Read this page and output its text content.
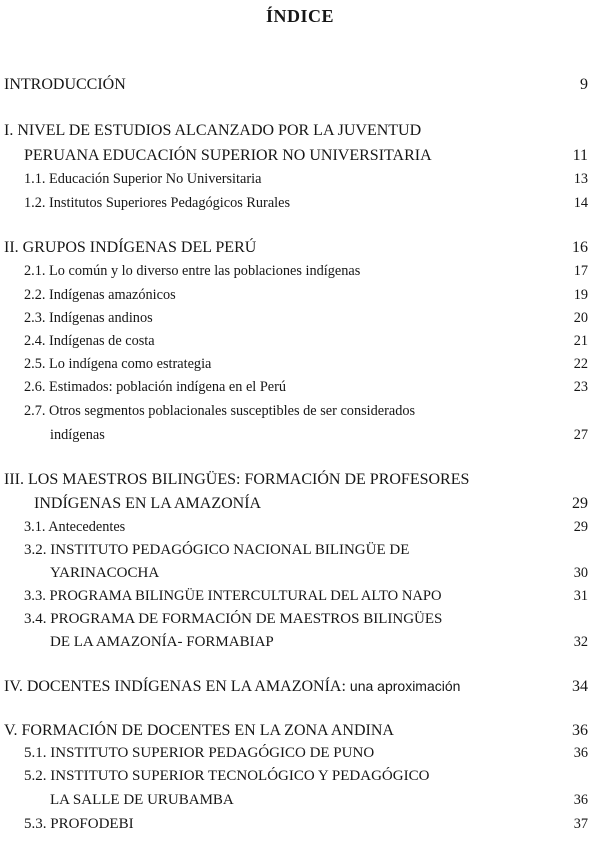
ÍNDICE
INTRODUCCIÓN	9
I. NIVEL DE ESTUDIOS ALCANZADO POR LA JUVENTUD
PERUANA EDUCACIÓN SUPERIOR NO UNIVERSITARIA	11
1.1. Educación Superior No Universitaria	13
1.2. Institutos Superiores Pedagógicos Rurales	14
II. GRUPOS INDÍGENAS DEL PERÚ	16
2.1. Lo común y lo diverso entre las poblaciones indígenas	17
2.2. Indígenas amazónicos	19
2.3. Indígenas andinos	20
2.4. Indígenas de costa	21
2.5. Lo indígena como estrategia	22
2.6. Estimados: población indígena en el Perú	23
2.7. Otros segmentos poblacionales susceptibles de ser considerados
indígenas	27
III. LOS MAESTROS BILINGÜES: FORMACIÓN DE PROFESORES
INDÍGENAS EN LA AMAZONÍA	29
3.1. Antecedentes	29
3.2. INSTITUTO PEDAGÓGICO NACIONAL BILINGÜE DE
YARINACOCHA	30
3.3. PROGRAMA BILINGÜE INTERCULTURAL DEL ALTO NAPO	31
3.4. PROGRAMA DE FORMACIÓN DE MAESTROS BILINGÜES
DE LA AMAZONÍA- FORMABIAP	32
IV. DOCENTES INDÍGENAS EN LA AMAZONÍA: una aproximación	34
V. FORMACIÓN DE DOCENTES EN LA ZONA ANDINA	36
5.1. INSTITUTO SUPERIOR PEDAGÓGICO DE PUNO	36
5.2. INSTITUTO SUPERIOR TECNOLÓGICO Y PEDAGÓGICO
LA SALLE DE URUBAMBA	36
5.3. PROFODEBI	37
